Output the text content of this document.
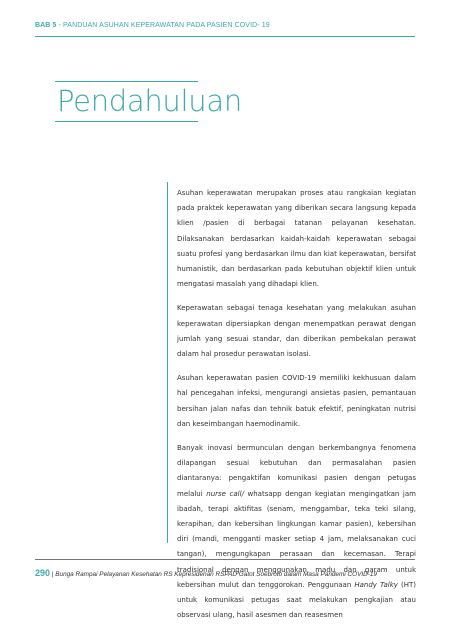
BAB 5 - PANDUAN ASUHAN KEPERAWATAN PADA PASIEN COVID- 19
Pendahuluan

Asuhan keperawatan merupakan proses atau rangkaian kegiatan pada praktek keperawatan yang diberikan secara langsung kepada klien /pasien di berbagai tatanan pelayanan kesehatan. Dilaksanakan berdasarkan kaidah-kaidah keperawatan sebagai suatu profesi yang berdasarkan ilmu dan kiat keperawatan, bersifat humanistik, dan berdasarkan pada kebutuhan objektif klien untuk mengatasi masalah yang dihadapi klien.

Keperawatan sebagai tenaga kesehatan yang melakukan asuhan keperawatan dipersiapkan dengan menempatkan perawat dengan jumlah yang sesuai standar, dan diberikan pembekalan perawat dalam hal prosedur perawatan isolasi.

Asuhan keperawatan pasien COVID-19 memiliki kekhusuan dalam hal pencegahan infeksi, mengurangi ansietas pasien, pemantauan bersihan jalan nafas dan tehnik batuk efektif, peningkatan nutrisi dan keseimbangan haemodinamik.

Banyak inovasi bermunculan dengan berkembangnya fenomena dilapangan sesuai kebutuhan dan permasalahan pasien diantaranya: pengaktifan komunikasi pasien dengan petugas melalui nurse call/ whatsapp dengan kegiatan mengingatkan jam ibadah, terapi aktifitas (senam, menggambar, teka teki silang, kerapihan, dan kebersihan lingkungan kamar pasien), kebersihan diri (mandi, mengganti masker setiap 4 jam, melaksanakan cuci tangan), mengungkapan perasaan dan kecemasan. Terapi tradisional dengan menggunakan madu dan garam untuk kebersihan mulut dan tenggorokan. Penggunaan Handy Talky (HT) untuk komunikasi petugas saat melakukan pengkajian atau observasi ulang, hasil asesmen dan reasesmen

290 | Bunga Rampai Pelayanan Kesehatan RS Kepresidenan RSPAD Gatot Soebroto dalam Masa Pandemi COVID-19
